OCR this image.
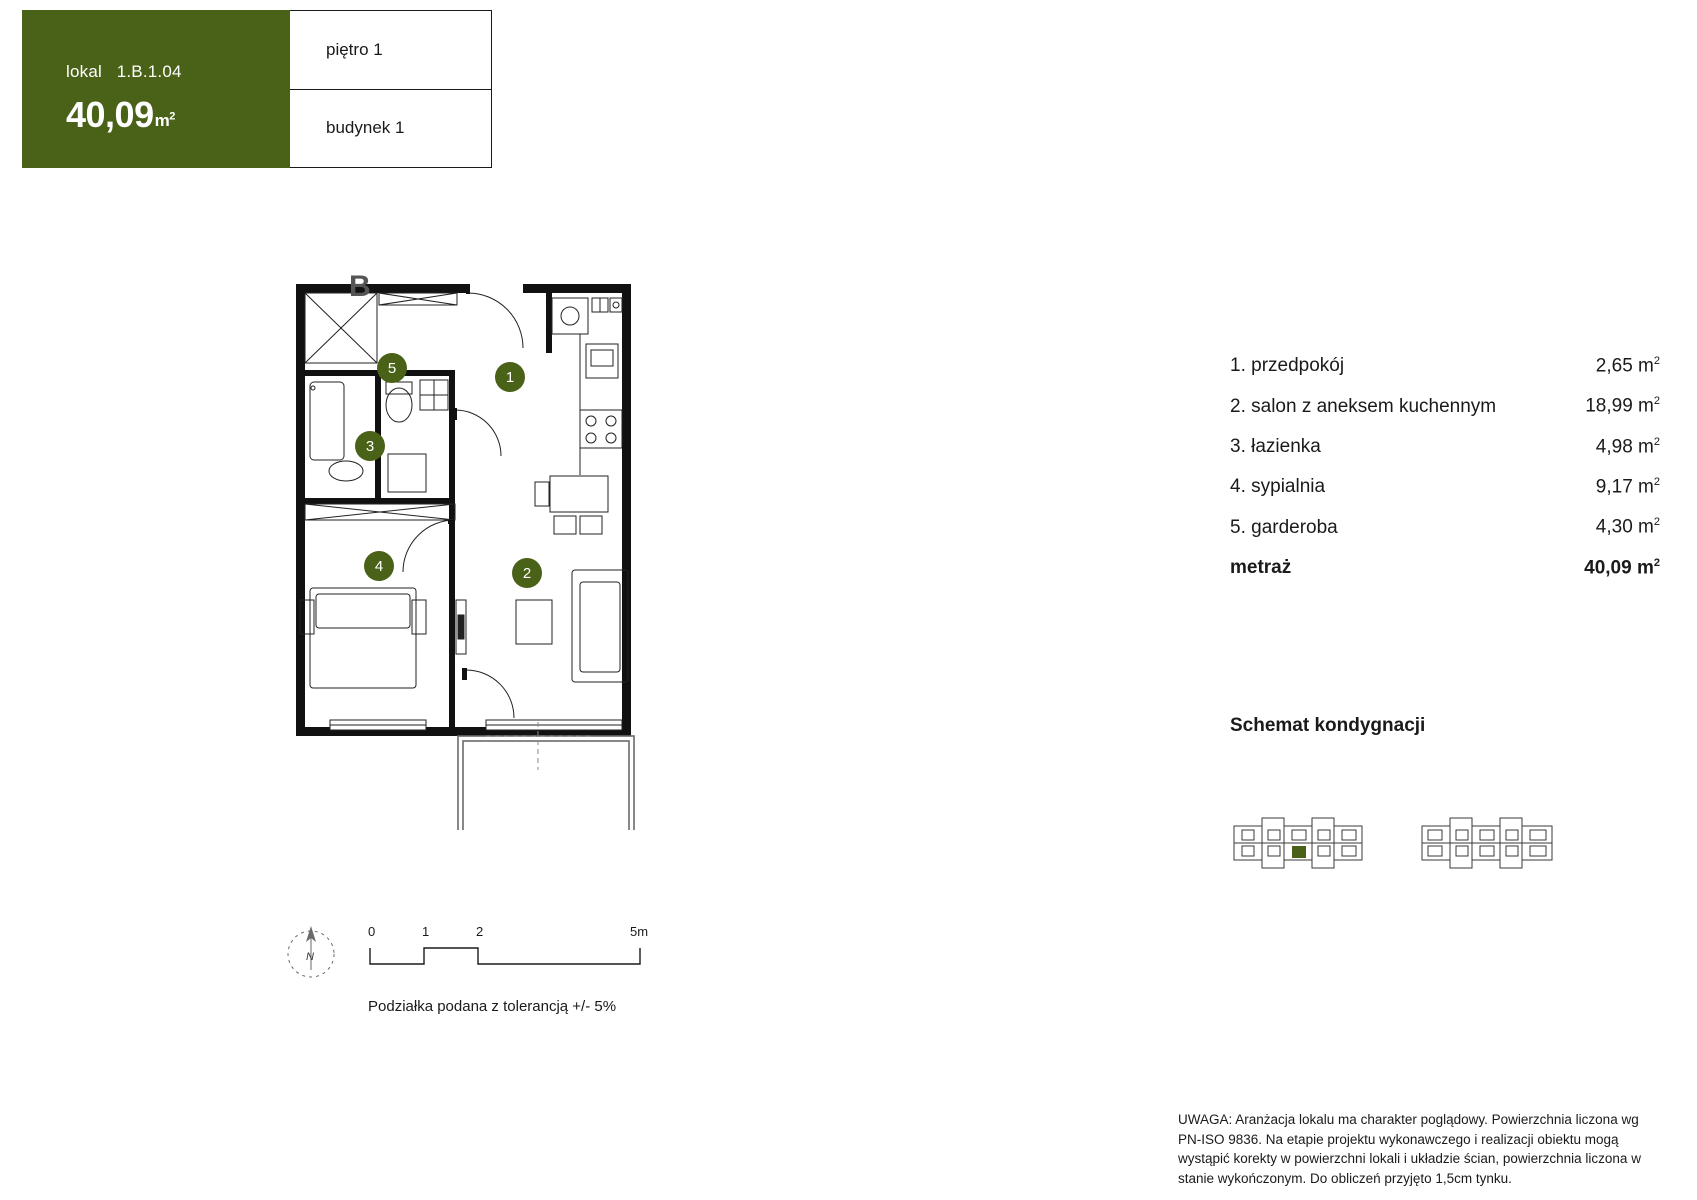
lokal   1.B.1.04
$40,09m^2$
piętro 1
budynek 1
1
2
3
4
5
B
N
0	1	2	5m
Podziałka podana z tolerancją +/- 5%
1. przedpokój	2,65 $m^2$
2. salon z aneksem kuchennym	18,99 $m^2$
3. łazienka	4,98 $m^2$
4. sypialnia	9,17 $m^2$
5. garderoba	4,30 $m^2$
metraż	40,09 $m^2$
Schemat kondygnacji
UWAGA: Aranżacja lokalu ma charakter poglądowy. Powierzchnia liczona wg PN-ISO 9836. Na etapie projektu wykonawczego i realizacji obiektu mogą wystąpić korekty w powierzchni lokali i układzie ścian, powierzchnia liczona w stanie wykończonym. Do obliczeń przyjęto 1,5cm tynku.
